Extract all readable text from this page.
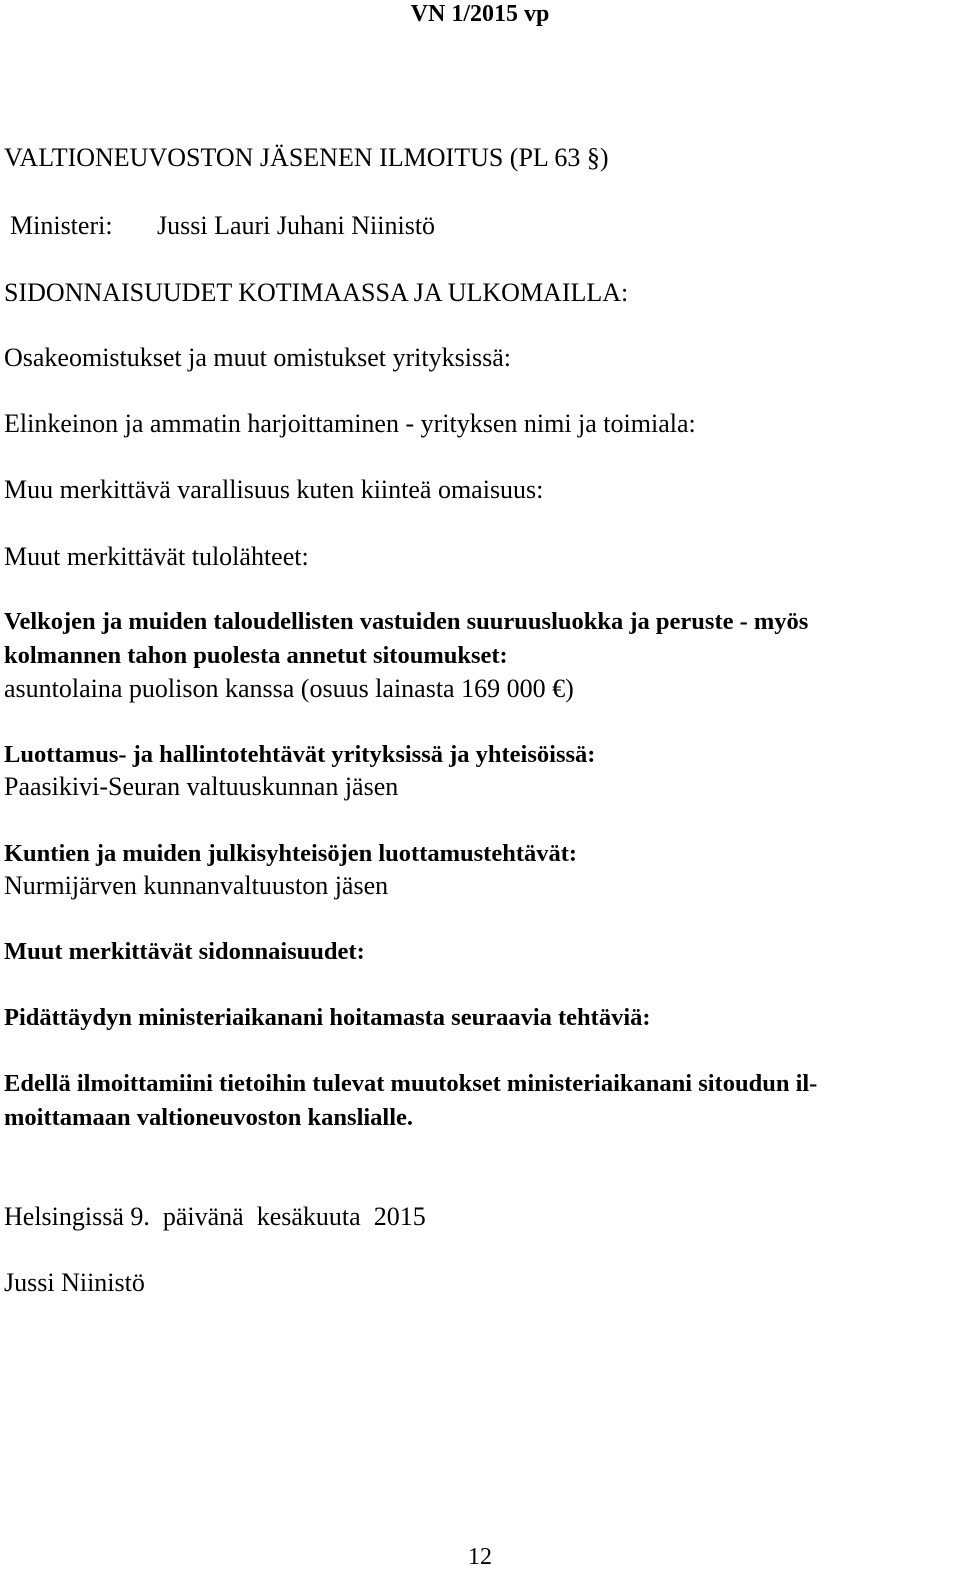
VN 1/2015 vp

VALTIONEUVOSTON JÄSENEN ILMOITUS (PL 63 §)

Ministeri: Jussi Lauri Juhani Niinistö

SIDONNAISUUDET KOTIMAASSA JA ULKOMAILLA:

Osakeomistukset ja muut omistukset yrityksissä:

Elinkeinon ja ammatin harjoittaminen - yrityksen nimi ja toimiala:

Muu merkittävä varallisuus kuten kiinteä omaisuus:

Muut merkittävät tulolähteet:

Velkojen ja muiden taloudellisten vastuiden suuruusluokka ja peruste - myös

kolmannen tahon puolesta annetut sitoumukset:

asuntolaina puolison kanssa (osuus lainasta 169 000 €)

Luottamus- ja hallintotehtävät yrityksissä ja yhteisöissä:

Paasikivi-Seuran valtuuskunnan jäsen

Kuntien ja muiden julkisyhteisöjen luottamustehtävät:

Nurmijärven kunnanvaltuuston jäsen

Muut merkittävät sidonnaisuudet:

Pidättäydyn ministeriaikanani hoitamasta seuraavia tehtäviä:

Edellä ilmoittamiini tietoihin tulevat muutokset ministeriaikanani sitoudun il-

moittamaan valtioneuvoston kanslialle.

Helsingissä 9.  päivänä  kesäkuuta  2015

Jussi Niinistö

12
